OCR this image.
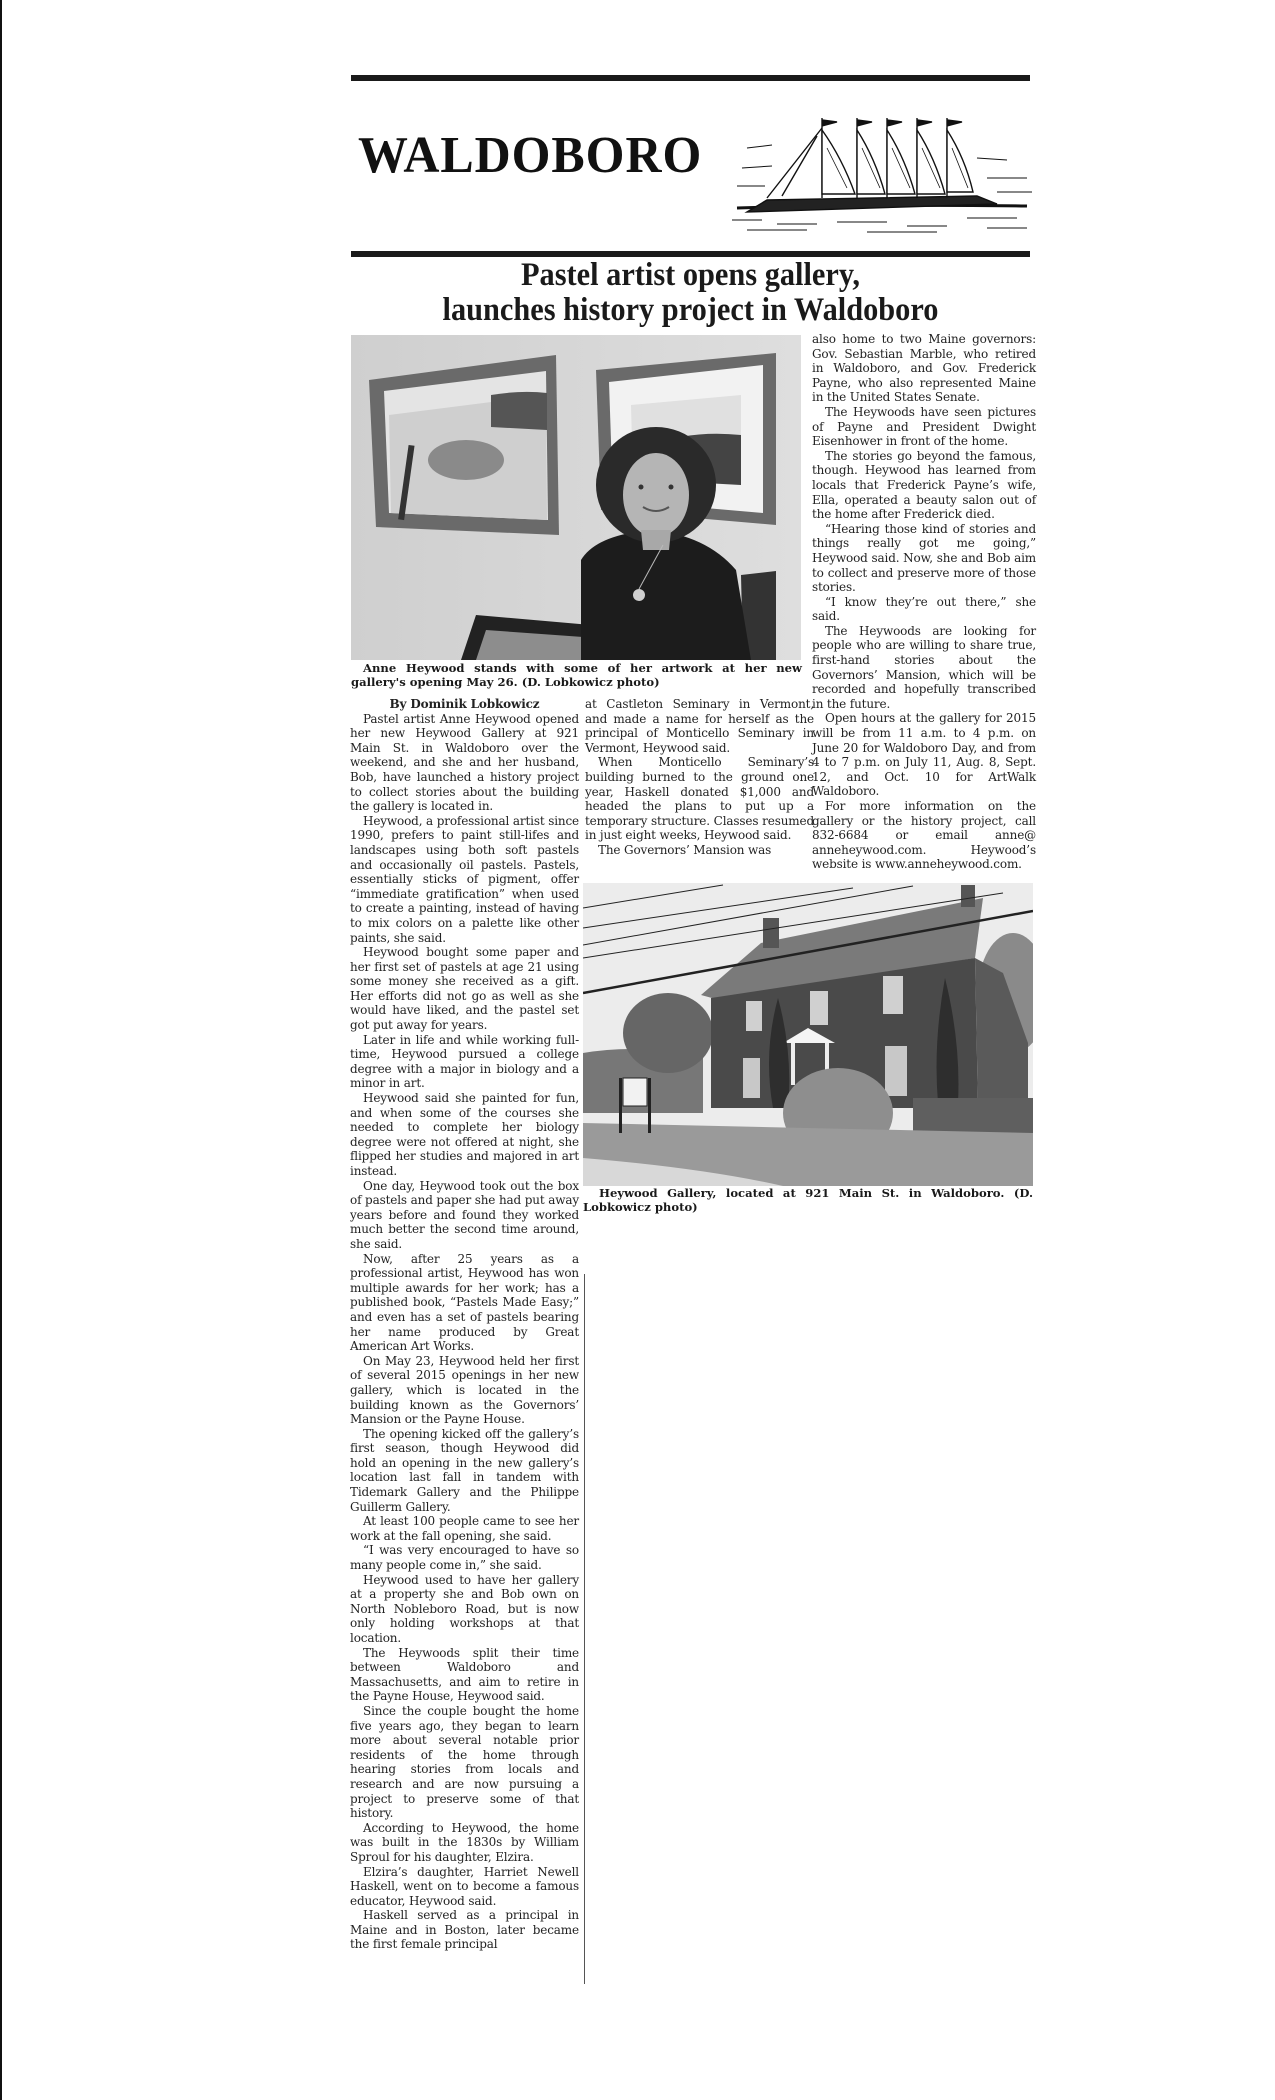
WALDOBORO
Pastel artist opens gallery,
launches history project in Waldoboro
Anne Heywood stands with some of her artwork at her new gallery's opening May 26. (D. Lobkowicz photo)

By Dominik Lobkowicz

Pastel artist Anne Heywood opened her new Heywood Gallery at 921 Main St. in Waldoboro over the weekend, and she and her husband, Bob, have launched a history project to collect stories about the building the gallery is located in.

Heywood, a professional artist since 1990, prefers to paint still-lifes and landscapes using both soft pastels and occasionally oil pastels. Pastels, essentially sticks of pigment, offer “immediate gratification” when used to create a painting, instead of having to mix colors on a palette like other paints, she said.

Heywood bought some paper and her first set of pastels at age 21 using some money she received as a gift. Her efforts did not go as well as she would have liked, and the pastel set got put away for years.

Later in life and while working full-time, Heywood pursued a college degree with a major in biology and a minor in art.

Heywood said she painted for fun, and when some of the courses she needed to complete her biology degree were not offered at night, she flipped her studies and majored in art instead.

One day, Heywood took out the box of pastels and paper she had put away years before and found they worked much better the second time around, she said.

Now, after 25 years as a professional artist, Heywood has won multiple awards for her work; has a published book, “Pastels Made Easy;” and even has a set of pastels bearing her name produced by Great American Art Works.

On May 23, Heywood held her first of several 2015 openings in her new gallery, which is located in the building known as the Governors’ Mansion or the Payne House.

The opening kicked off the gallery’s first season, though Heywood did hold an opening in the new gallery’s location last fall in tandem with Tidemark Gallery and the Philippe Guillerm Gallery.

At least 100 people came to see her work at the fall opening, she said.

“I was very encouraged to have so many people come in,” she said.

Heywood used to have her gallery at a property she and Bob own on North Nobleboro Road, but is now only holding workshops at that location.

The Heywoods split their time between Waldoboro and Massachusetts, and aim to retire in the Payne House, Heywood said.

Since the couple bought the home five years ago, they began to learn more about several notable prior residents of the home through hearing stories from locals and research and are now pursuing a project to preserve some of that history.

According to Heywood, the home was built in the 1830s by William Sproul for his daughter, Elzira.

Elzira’s daughter, Harriet Newell Haskell, went on to become a famous educator, Heywood said.

Haskell served as a principal in Maine and in Boston, later became the first female principal

at Castleton Seminary in Vermont, and made a name for herself as the principal of Monticello Seminary in Vermont, Heywood said.

When Monticello Seminary’s building burned to the ground one year, Haskell donated $1,000 and headed the plans to put up a temporary structure. Classes resumed in just eight weeks, Heywood said.

The Governors’ Mansion was

also home to two Maine governors: Gov. Sebastian Marble, who retired in Waldoboro, and Gov. Frederick Payne, who also represented Maine in the United States Senate.

The Heywoods have seen pictures of Payne and President Dwight Eisenhower in front of the home.

The stories go beyond the famous, though. Heywood has learned from locals that Frederick Payne’s wife, Ella, operated a beauty salon out of the home after Frederick died.

“Hearing those kind of stories and things really got me going,” Heywood said. Now, she and Bob aim to collect and preserve more of those stories.

“I know they’re out there,” she said.

The Heywoods are looking for people who are willing to share true, first-hand stories about the Governors’ Mansion, which will be recorded and hopefully transcribed in the future.

Open hours at the gallery for 2015 will be from 11 a.m. to 4 p.m. on June 20 for Waldoboro Day, and from 4 to 7 p.m. on July 11, Aug. 8, Sept. 12, and Oct. 10 for ArtWalk Waldoboro.

For more information on the gallery or the history project, call 832-6684 or email anne@ anneheywood.com. Heywood’s website is www.anneheywood.com.

Heywood Gallery, located at 921 Main St. in Waldoboro. (D. Lobkowicz photo)
